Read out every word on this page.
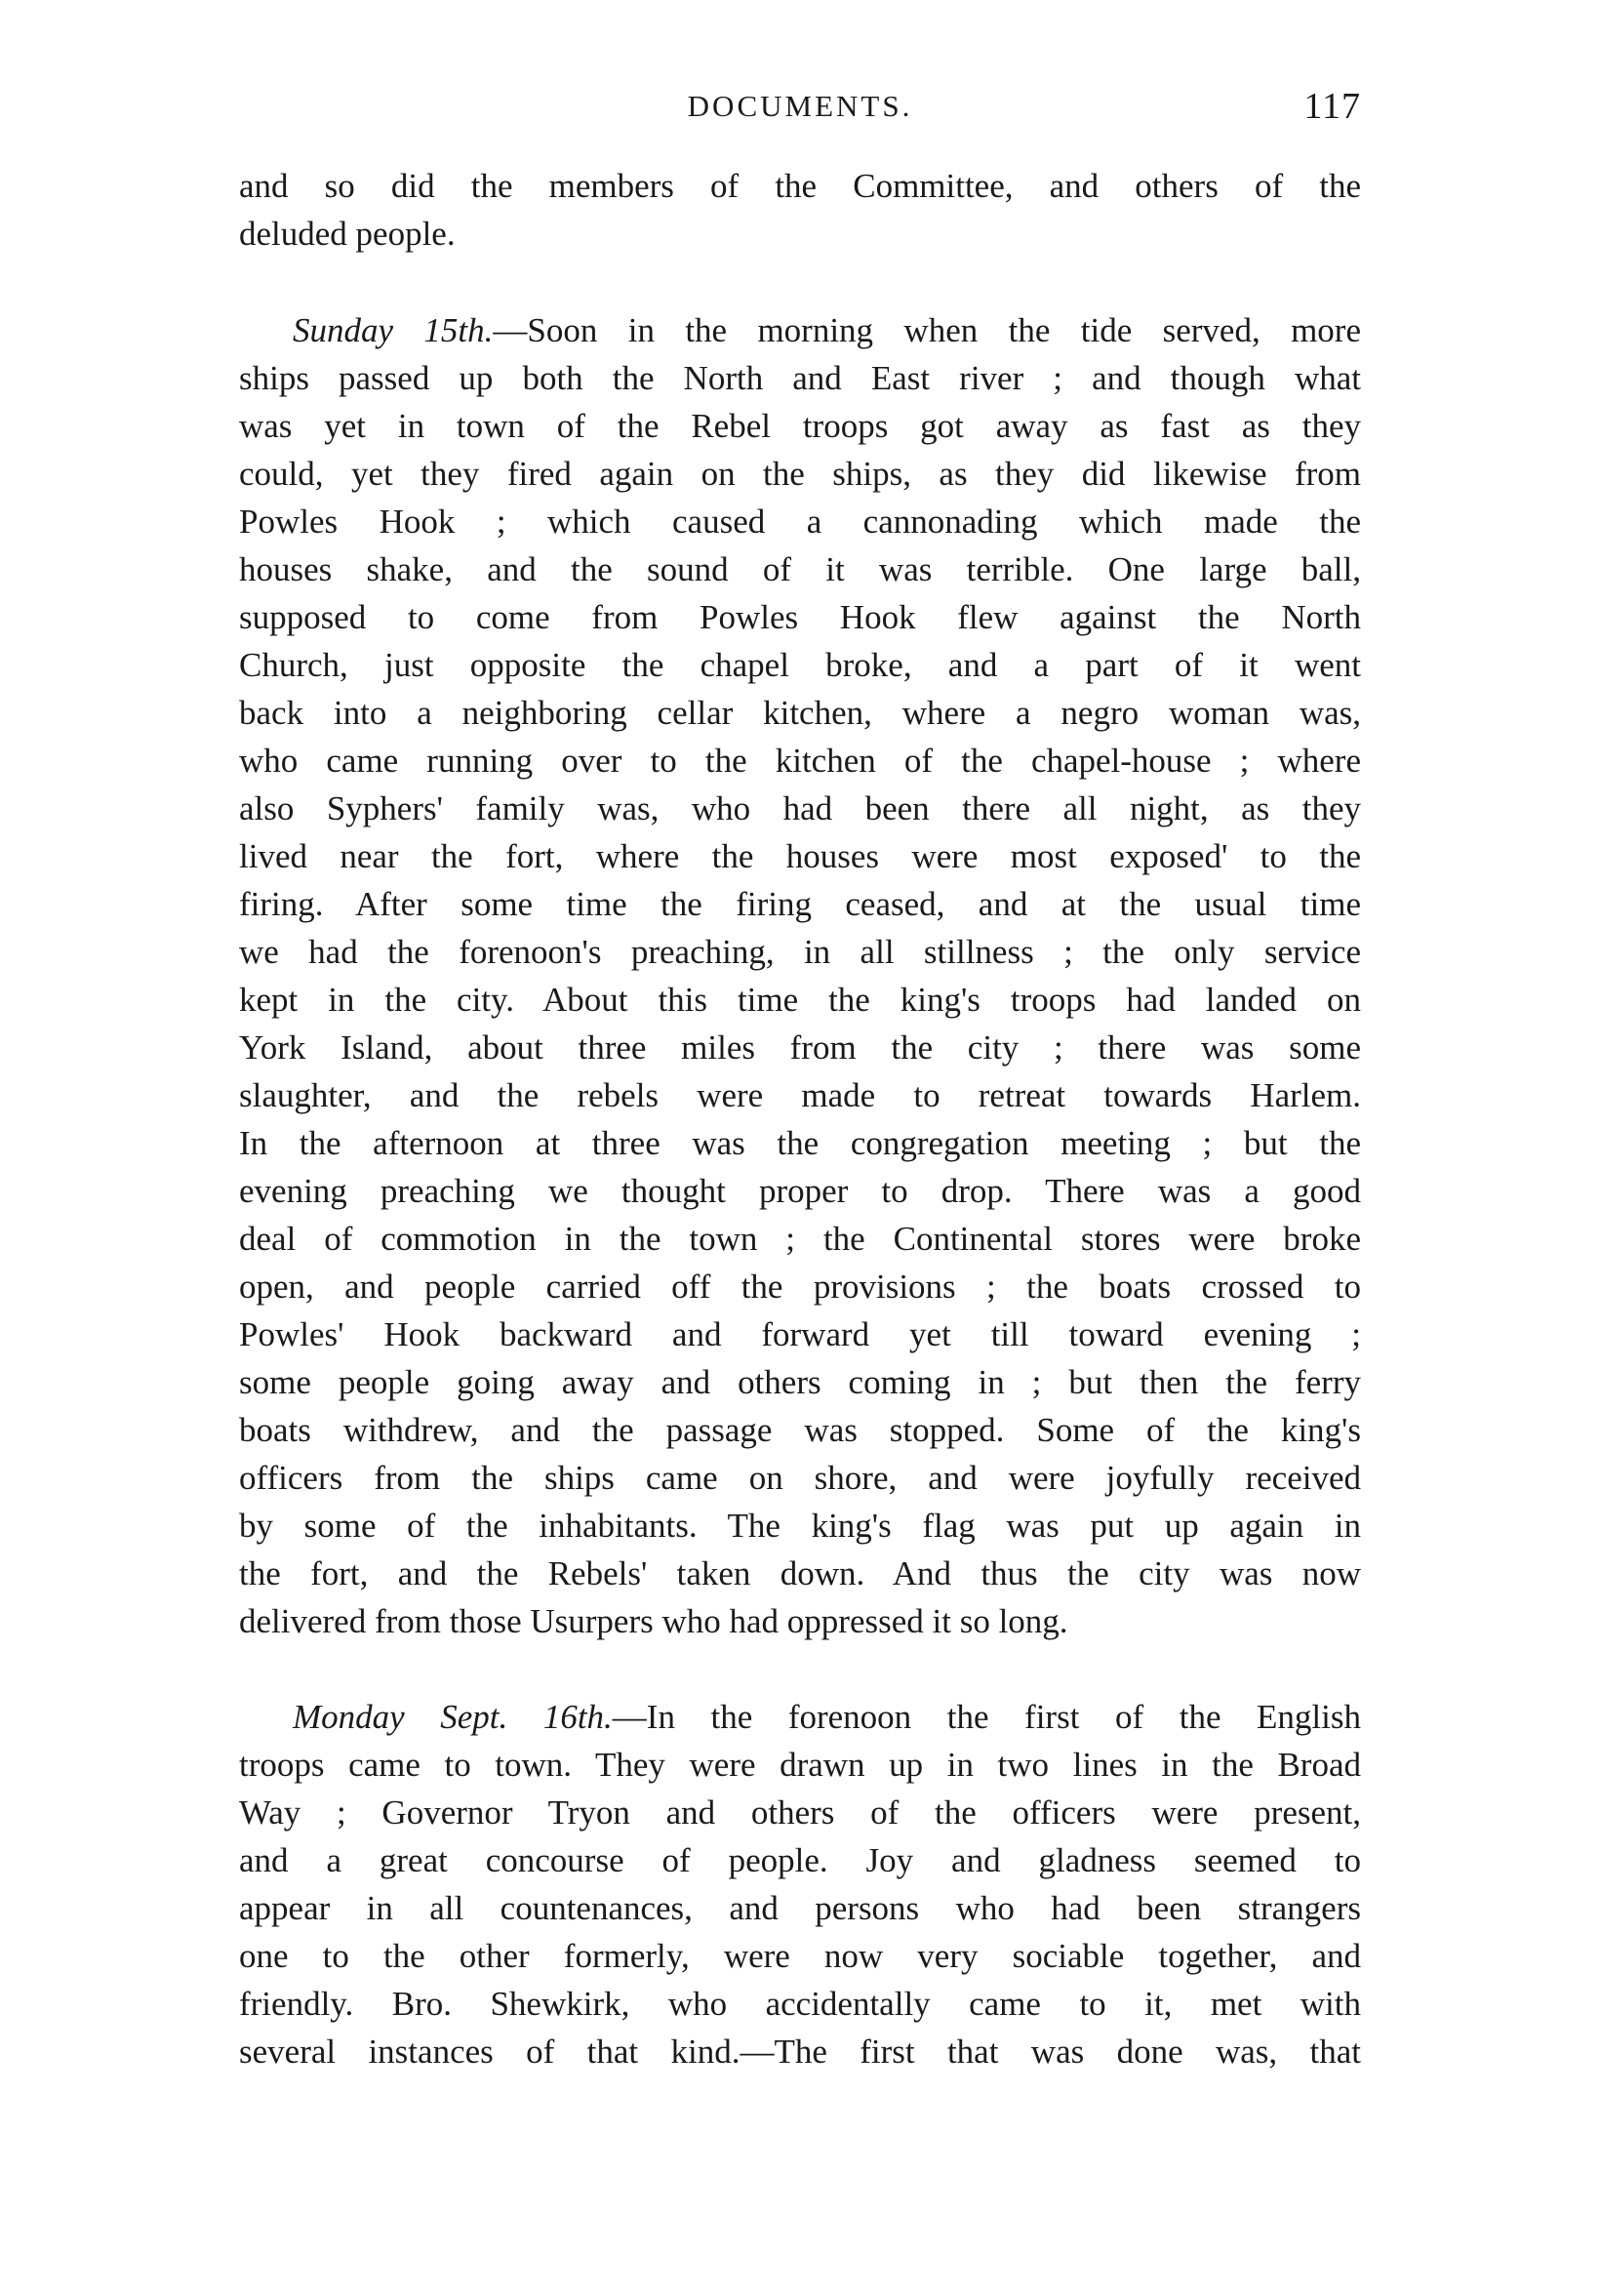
DOCUMENTS.	117
and so did the members of the Committee, and others of the
deluded people.
Sunday 15th.—Soon in the morning when the tide served, more
ships passed up both the North and East river ; and though what
was yet in town of the Rebel troops got away as fast as they
could, yet they fired again on the ships, as they did likewise from
Powles Hook ; which caused a cannonading which made the
houses shake, and the sound of it was terrible. One large ball,
supposed to come from Powles Hook flew against the North
Church, just opposite the chapel broke, and a part of it went
back into a neighboring cellar kitchen, where a negro woman was,
who came running over to the kitchen of the chapel-house ; where
also Syphers' family was, who had been there all night, as they
lived near the fort, where the houses were most exposed' to the
firing. After some time the firing ceased, and at the usual time
we had the forenoon's preaching, in all stillness ; the only service
kept in the city. About this time the king's troops had landed on
York Island, about three miles from the city ; there was some
slaughter, and the rebels were made to retreat towards Harlem.
In the afternoon at three was the congregation meeting ; but the
evening preaching we thought proper to drop. There was a good
deal of commotion in the town ; the Continental stores were broke
open, and people carried off the provisions ; the boats crossed to
Powles' Hook backward and forward yet till toward evening ;
some people going away and others coming in ; but then the ferry
boats withdrew, and the passage was stopped. Some of the king's
officers from the ships came on shore, and were joyfully received
by some of the inhabitants. The king's flag was put up again in
the fort, and the Rebels' taken down. And thus the city was now
delivered from those Usurpers who had oppressed it so long.
Monday Sept. 16th.—In the forenoon the first of the English
troops came to town. They were drawn up in two lines in the Broad
Way ; Governor Tryon and others of the officers were present,
and a great concourse of people. Joy and gladness seemed to
appear in all countenances, and persons who had been strangers
one to the other formerly, were now very sociable together, and
friendly. Bro. Shewkirk, who accidentally came to it, met with
several instances of that kind.—The first that was done was, that
